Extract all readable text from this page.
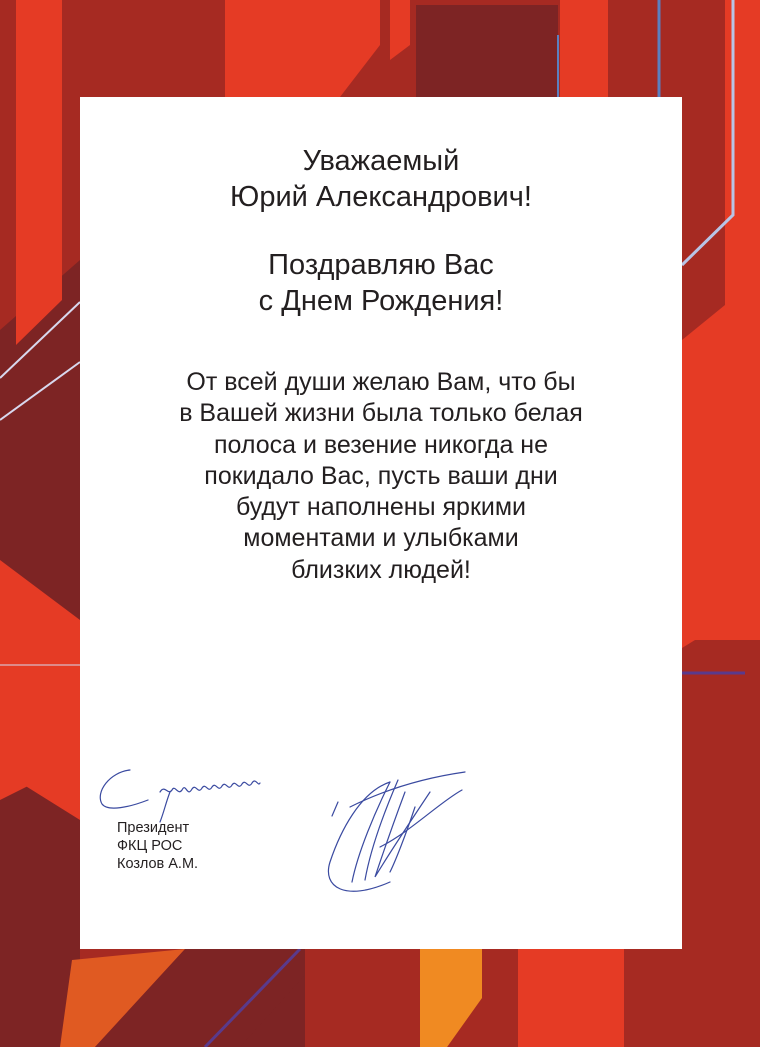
Уважаемый
Юрий Александрович!
Поздравляю Вас
с Днем Рождения!
От всей души желаю Вам, что бы
в Вашей жизни была только белая
полоса и везение никогда не
покидало Вас, пусть ваши дни
будут наполнены яркими
моментами и улыбками
близких людей!
Президент
ФКЦ РОС
Козлов А.М.
